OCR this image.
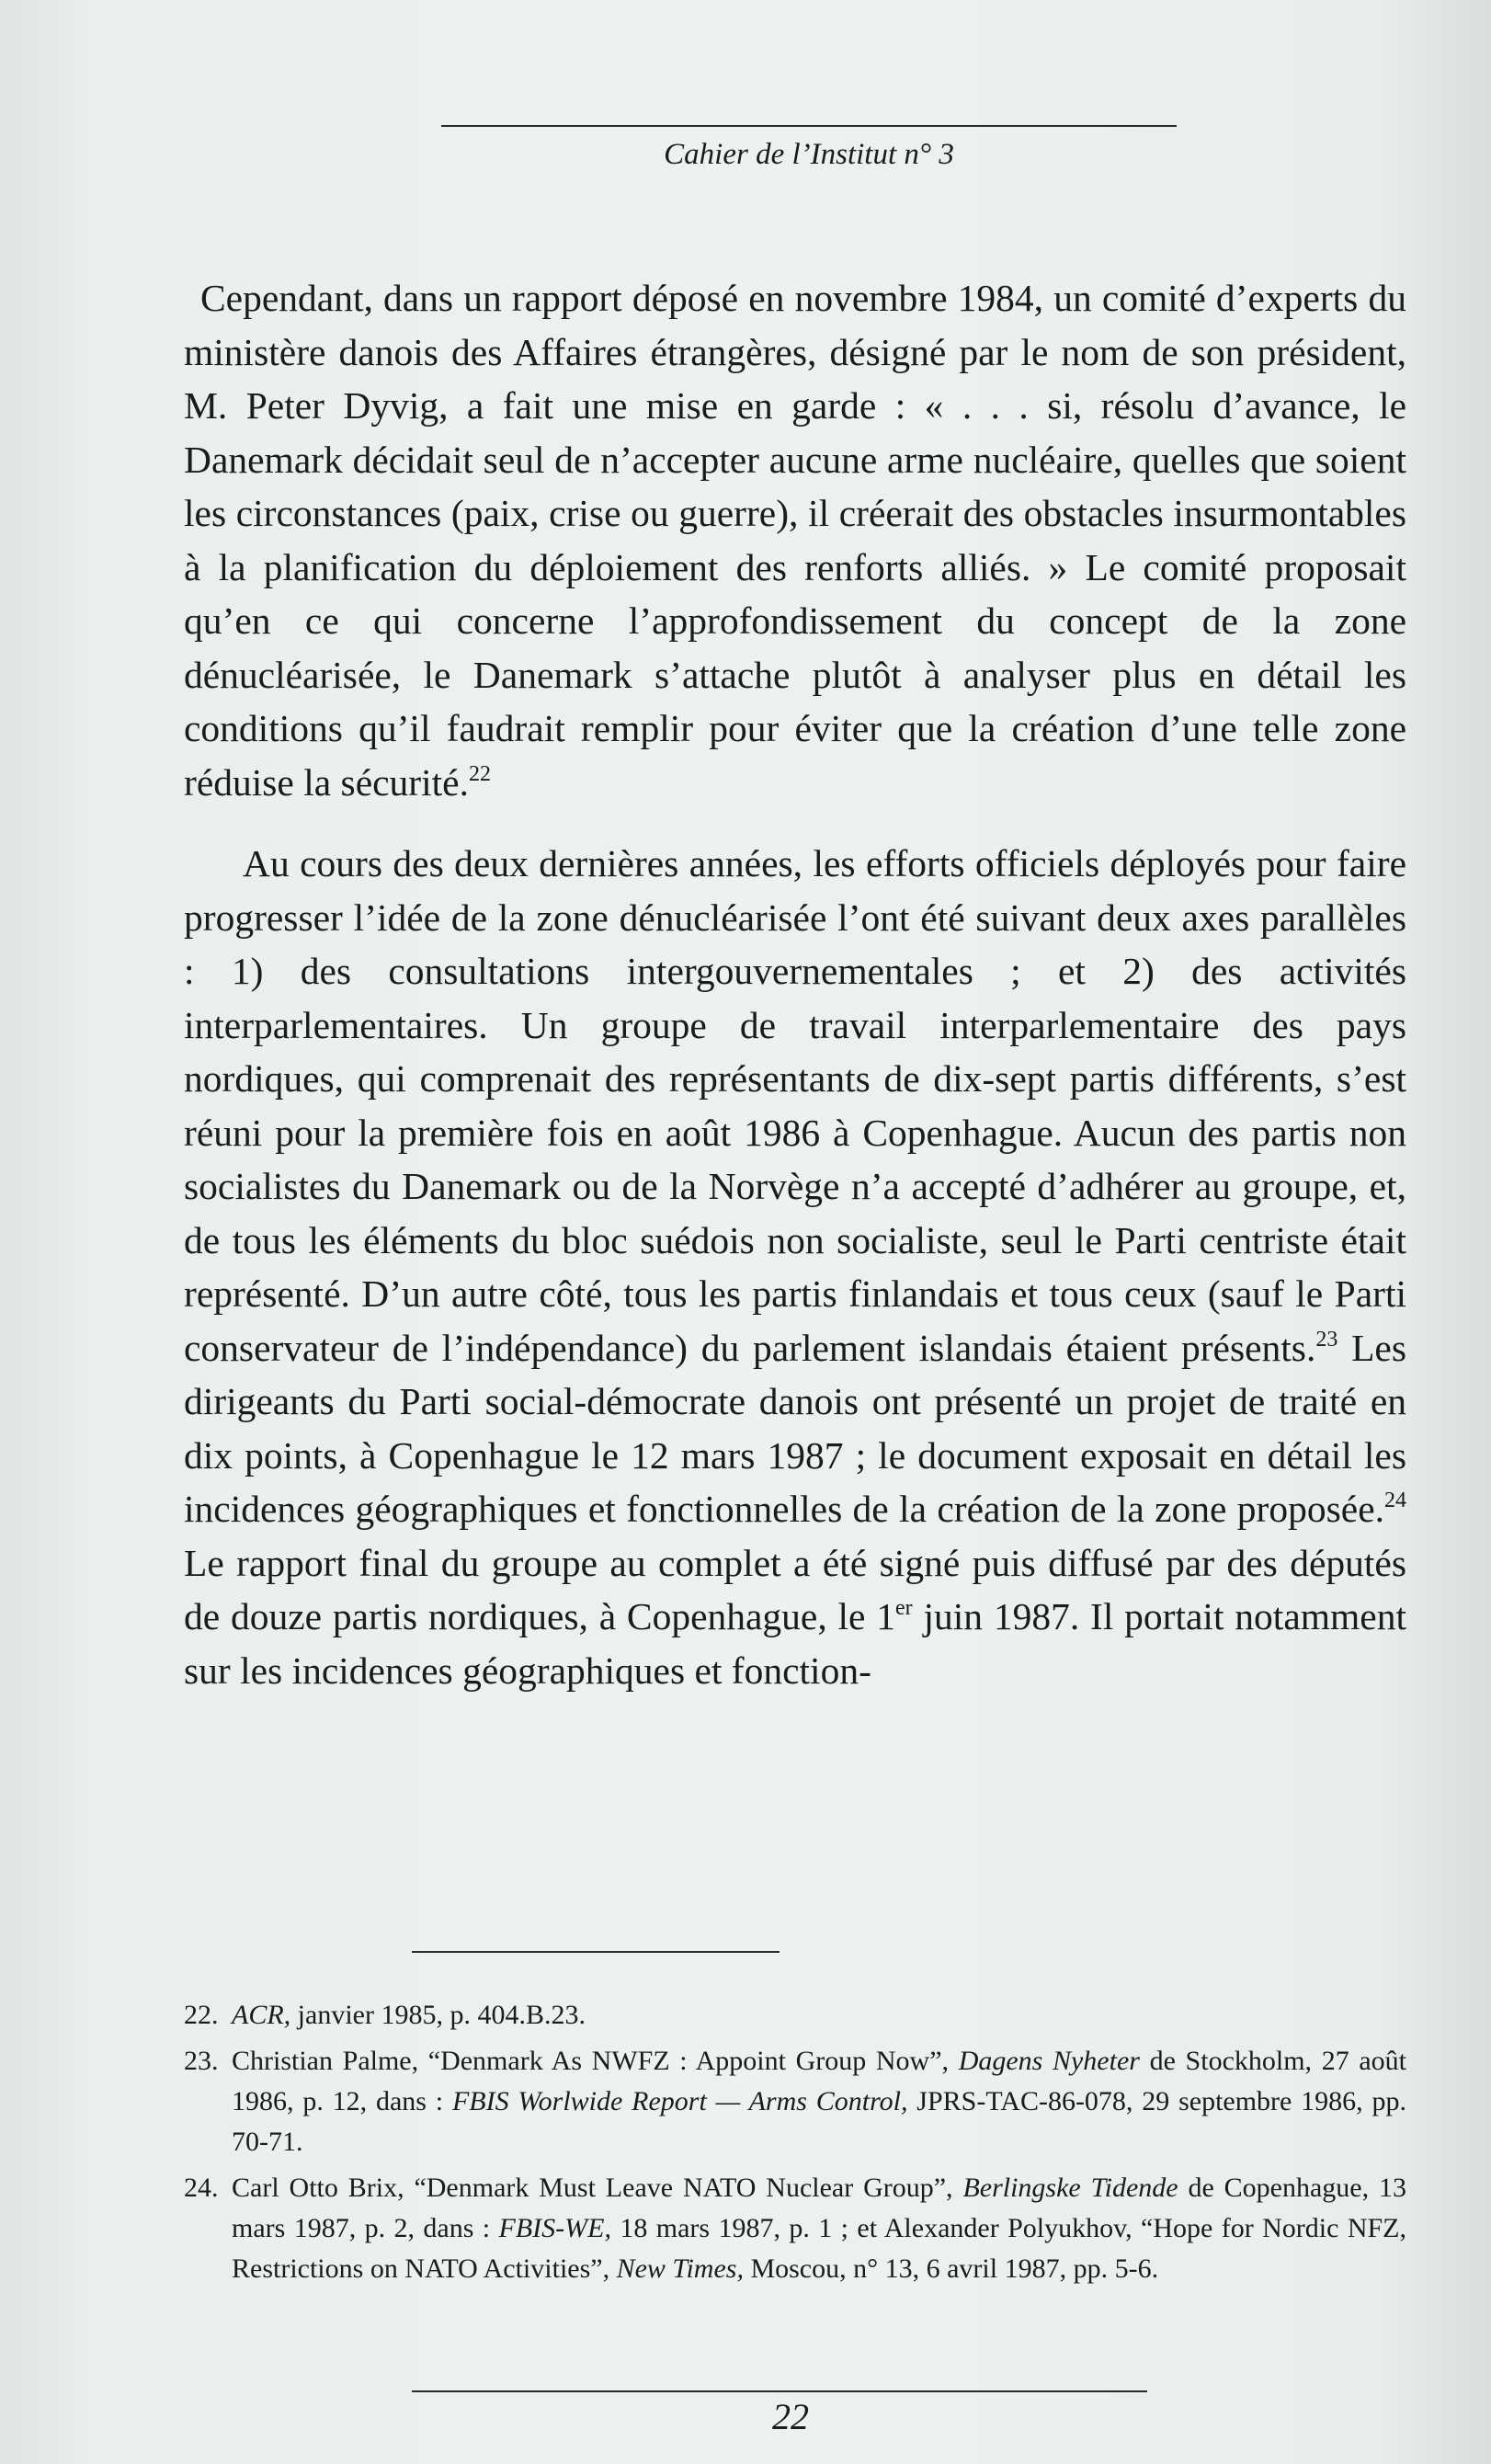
Cahier de l’Institut n° 3

Cependant, dans un rapport déposé en novembre 1984, un comité d’experts du ministère danois des Affaires étrangères, désigné par le nom de son président, M. Peter Dyvig, a fait une mise en garde : « . . . si, résolu d’avance, le Danemark décidait seul de n’accepter aucune arme nucléaire, quelles que soient les circonstances (paix, crise ou guerre), il créerait des obstacles insurmontables à la planification du déploiement des renforts alliés. » Le comité proposait qu’en ce qui concerne l’approfondissement du concept de la zone dénucléarisée, le Danemark s’attache plutôt à analyser plus en détail les conditions qu’il faudrait remplir pour éviter que la création d’une telle zone réduise la sécurité.$^{22}$

Au cours des deux dernières années, les efforts officiels déployés pour faire progresser l’idée de la zone dénucléarisée l’ont été suivant deux axes parallèles : 1) des consultations intergouvernementales ; et 2) des activités interparlementaires. Un groupe de travail interparlementaire des pays nordiques, qui comprenait des représentants de dix-sept partis différents, s’est réuni pour la première fois en août 1986 à Copenhague. Aucun des partis non socialistes du Danemark ou de la Norvège n’a accepté d’adhérer au groupe, et, de tous les éléments du bloc suédois non socialiste, seul le Parti centriste était représenté. D’un autre côté, tous les partis finlandais et tous ceux (sauf le Parti conservateur de l’indépendance) du parlement islandais étaient présents.$^{23}$ Les dirigeants du Parti social-démocrate danois ont présenté un projet de traité en dix points, à Copenhague le 12 mars 1987 ; le document exposait en détail les incidences géographiques et fonctionnelles de la création de la zone proposée.$^{24}$ Le rapport final du groupe au complet a été signé puis diffusé par des députés de douze partis nordiques, à Copenhague, le 1er juin 1987. Il portait notamment sur les incidences géographiques et fonction-

22. ACR, janvier 1985, p. 404.B.23.
23. Christian Palme, “Denmark As NWFZ : Appoint Group Now”, Dagens Nyheter de Stockholm, 27 août 1986, p. 12, dans : FBIS Worlwide Report — Arms Control, JPRS-TAC-86-078, 29 septembre 1986, pp. 70-71.
24. Carl Otto Brix, “Denmark Must Leave NATO Nuclear Group”, Berlingske Tidende de Copenhague, 13 mars 1987, p. 2, dans : FBIS-WE, 18 mars 1987, p. 1 ; et Alexander Polyukhov, “Hope for Nordic NFZ, Restrictions on NATO Activities”, New Times, Moscou, n° 13, 6 avril 1987, pp. 5-6.
22
